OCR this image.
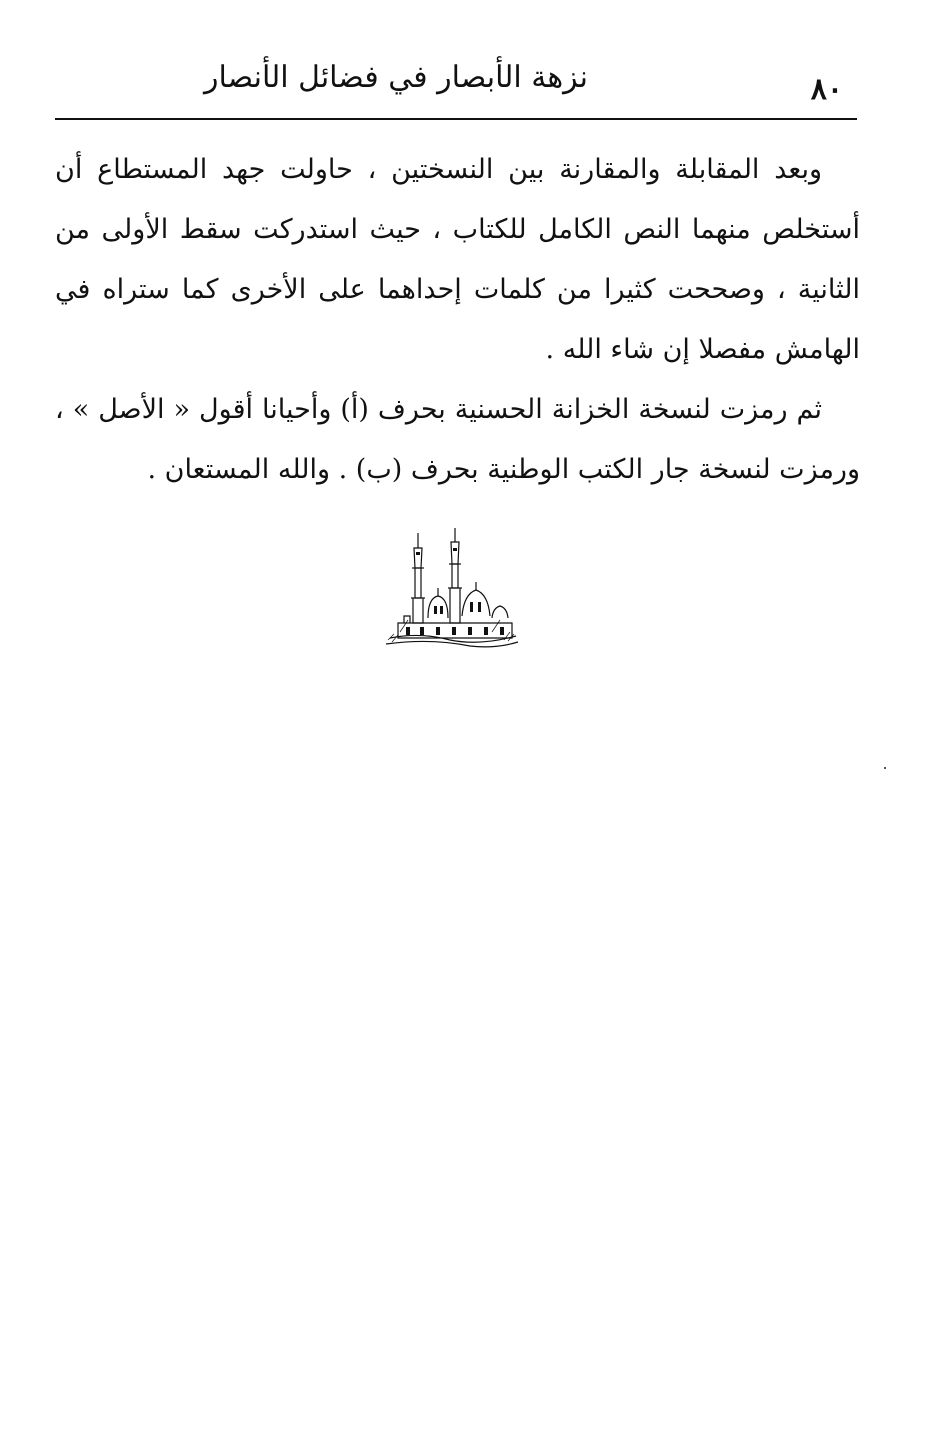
نزهة الأبصار في فضائل الأنصار	٨٠

وبعد المقابلة والمقارنة بين النسختين ، حاولت جهد المستطاع أن أستخلص منهما النص الكامل للكتاب ، حيث استدركت سقط الأولى من الثانية ، وصححت كثيرا من كلمات إحداهما على الأخرى كما ستراه في الهامش مفصلا إن شاء الله .

ثم رمزت لنسخة الخزانة الحسنية بحرف (أ) وأحيانا أقول « الأصل » ، ورمزت لنسخة جار الكتب الوطنية بحرف (ب) . والله المستعان .
